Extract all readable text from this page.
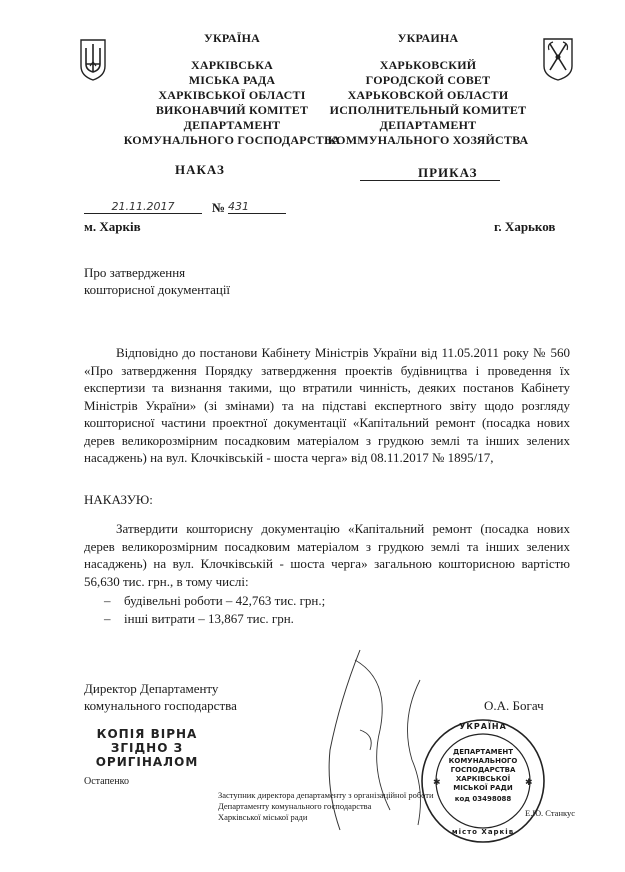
УКРАЇНА
ХАРКІВСЬКА
МІСЬКА РАДА
ХАРКІВСЬКОЇ ОБЛАСТІ
ВИКОНАВЧИЙ КОМІТЕТ
ДЕПАРТАМЕНТ
КОМУНАЛЬНОГО ГОСПОДАРСТВА
УКРАИНА
ХАРЬКОВСКИЙ
ГОРОДСКОЙ СОВЕТ
ХАРЬКОВСКОЙ ОБЛАСТИ
ИСПОЛНИТЕЛЬНЫЙ КОМИТЕТ
ДЕПАРТАМЕНТ
КОММУНАЛЬНОГО ХОЗЯЙСТВА
НАКАЗ	ПРИКАЗ
21.11.2017	№ 431
м. Харків	г. Харьков
Про затвердження
кошторисної документації
Відповідно до постанови Кабінету Міністрів України від 11.05.2011 року № 560 «Про затвердження Порядку затвердження проектів будівництва і проведення їх експертизи та визнання такими, що втратили чинність, деяких постанов Кабінету Міністрів України» (зі змінами) та на підставі експертного звіту щодо розгляду кошторисної частини проектної документації «Капітальний ремонт (посадка нових дерев великорозмірним посадковим матеріалом з грудкою землі та інших зелених насаджень) на вул. Клочківській - шоста черга» від 08.11.2017 № 1895/17,
НАКАЗУЮ:
Затвердити кошторисну документацію «Капітальний ремонт (посадка нових дерев великорозмірним посадковим матеріалом з грудкою землі та інших зелених насаджень) на вул. Клочківській - шоста черга» загальною кошторисною вартістю 56,630 тис. грн., в тому числі:
– будівельні роботи – 42,763 тис. грн.;
– інші витрати – 13,867 тис. грн.
Директор Департаменту
комунального господарства	О.А. Богач
КОПІЯ ВІРНА
ЗГІДНО З
ОРИГІНАЛОМ
Остапенко
Заступник директора департаменту з організаційної роботи
Департаменту комунального господарства
Харківської міської ради	Е.Ю. Станкус
✱	✱
УКРАЇНА
ДЕПАРТАМЕНТ
КОМУНАЛЬНОГО
ГОСПОДАРСТВА
ХАРКІВСЬКОЇ
МІСЬКОЇ РАДИ
код 03498088
місто Харків
